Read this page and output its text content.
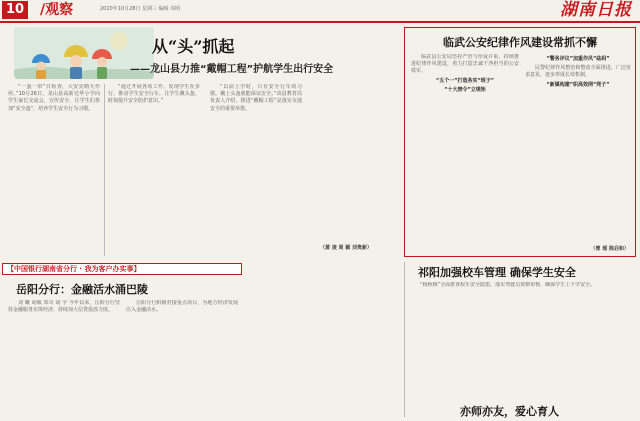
10 /观察	2020年10月28日 星期三 编辑 周明	湖南日报
从“头”抓起
——龙山县力推“戴帽工程”护航学生出行安全

“一盔一带”日检查，大安亮晴天作停。”10月26日，龙山县高新达华小学向学生家长交流会，宣传安全，让学生们参加“安全盔”，培养学生安全行为习惯。

“通过开展各项工作，发现学生在步行，推动学生安全行车，让学生戴头盔，时刻提升安全防护意识。”

“以前上学时，只有安全行车的习惯，戴上头盔就能保证安全。”该县教育局负责人介绍，推进“戴帽工程”是落实交通安全的重要举措。

（黄 凌 周 颖 刘贵新）
临武公安纪律作风建设常抓不懈

临武县公安局坚持严管与厚爱并重，持续推进纪律作风建设，着力打造忠诚干净担当的公安铁军。

“五个一”打造务实“班子”
“十大禁令”立规矩
“警务评议”加重作风“砝码”

民警纪律作风整治和整改全面推进，广泛征求意见，逐步形成长效机制。

“新媒构建”织高效网“兜子”
（曾 瑶 陈启和）
【中国银行湖南省分行 · 我为客户办实事】
岳阳分行：金融活水涌巴陵

刘 曦 胡敏 邓奇 胡 宇 今年以来，岳阳分行坚持金融服务实体经济，持续加大信贷投放力度。

岳阳分行积极对接重点项目，为地方经济发展注入金融活水。

祁阳加强校车管理 确保学生安全

“杨秋梅”全面排查校车安全隐患，落实驾驶员资格审核，确保学生上下学安全。

亦师亦友，爱心育人
